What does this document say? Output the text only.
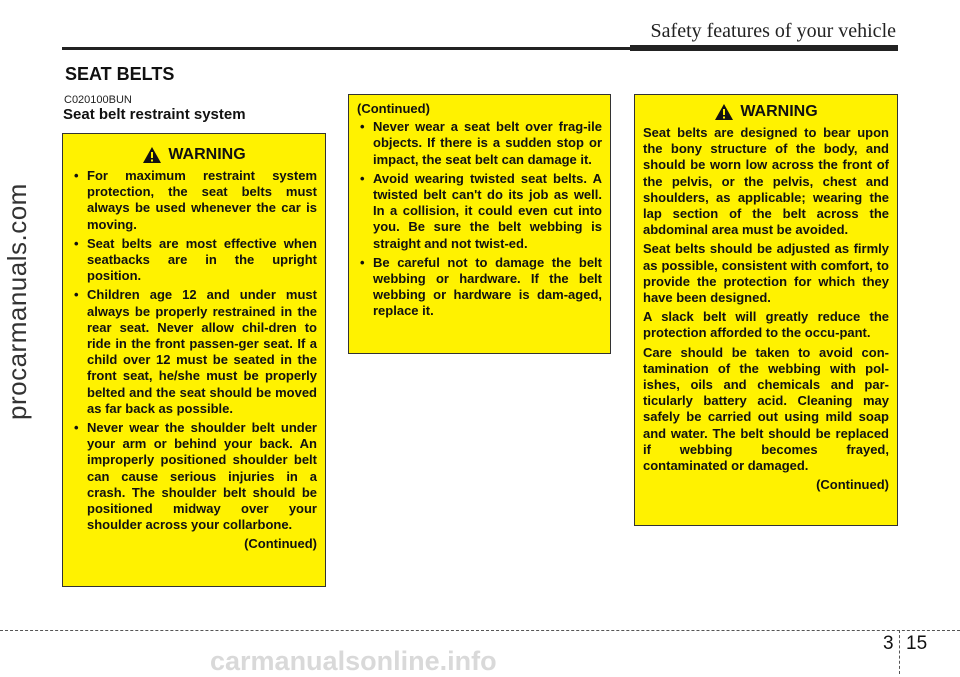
Safety features of your vehicle
procarmanuals.com
SEAT BELTS
C020100BUN
Seat belt restraint system
WARNING
• For maximum restraint system protection, the seat belts must always be used whenever the car is moving.
• Seat belts are most effective when seatbacks are in the upright position.
• Children age 12 and under must always be properly restrained in the rear seat. Never allow chil-dren to ride in the front passen-ger seat. If a child over 12 must be seated in the front seat, he/she must be properly belted and the seat should be moved as far back as possible.
• Never wear the shoulder belt under your arm or behind your back. An improperly positioned shoulder belt can cause serious injuries in a crash. The shoulder belt should be positioned midway over your shoulder across your collarbone.
(Continued)
(Continued)
• Never wear a seat belt over frag-ile objects. If there is a sudden stop or impact, the seat belt can damage it.
• Avoid wearing twisted seat belts. A twisted belt can't do its job as well. In a collision, it could even cut into you. Be sure the belt webbing is straight and not twist-ed.
• Be careful not to damage the belt webbing or hardware. If the belt webbing or hardware is dam-aged, replace it.
WARNING

Seat belts are designed to bear upon the bony structure of the body, and should be worn low across the front of the pelvis, or the pelvis, chest and shoulders, as applicable; wearing the lap section of the belt across the abdominal area must be avoided.

Seat belts should be adjusted as firmly as possible, consistent with comfort, to provide the protection for which they have been designed.

A slack belt will greatly reduce the protection afforded to the occu-pant.

Care should be taken to avoid con-tamination of the webbing with pol-ishes, oils and chemicals and par-ticularly battery acid. Cleaning may safely be carried out using mild soap and water. The belt should be replaced if webbing becomes frayed, contaminated or damaged.

(Continued)
3 15
carmanualsonline.info
